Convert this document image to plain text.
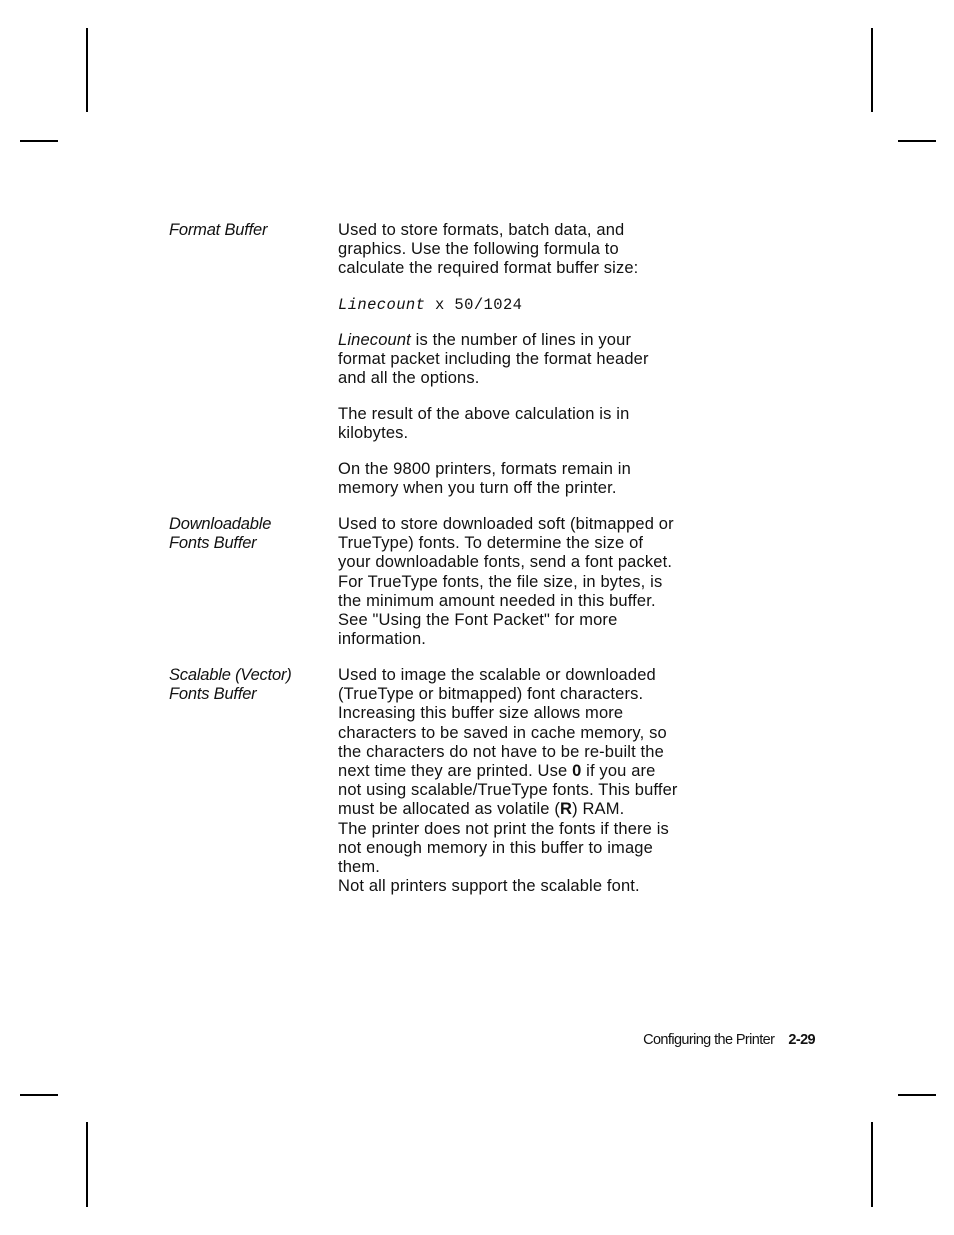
Format Buffer	Used to store formats, batch data, and
graphics. Use the following formula to
calculate the required format buffer size:
Linecount x 50/1024
Linecount is the number of lines in your
format packet including the format header
and all the options.
The result of the above calculation is in
kilobytes.
On the 9800 printers, formats remain in
memory when you turn off the printer.
Downloadable
Fonts Buffer
Used to store downloaded soft (bitmapped or
TrueType) fonts. To determine the size of
your downloadable fonts, send a font packet.
For TrueType fonts, the file size, in bytes, is
the minimum amount needed in this buffer.
See "Using the Font Packet" for more
information.
Scalable (Vector)
Fonts Buffer
Used to image the scalable or downloaded
(TrueType or bitmapped) font characters.
Increasing this buffer size allows more
characters to be saved in cache memory, so
the characters do not have to be re-built the
next time they are printed. Use 0 if you are
not using scalable/TrueType fonts. This buffer
must be allocated as volatile (R) RAM.
The printer does not print the fonts if there is
not enough memory in this buffer to image
them.
Not all printers support the scalable font.
Configuring the Printer 2-29
